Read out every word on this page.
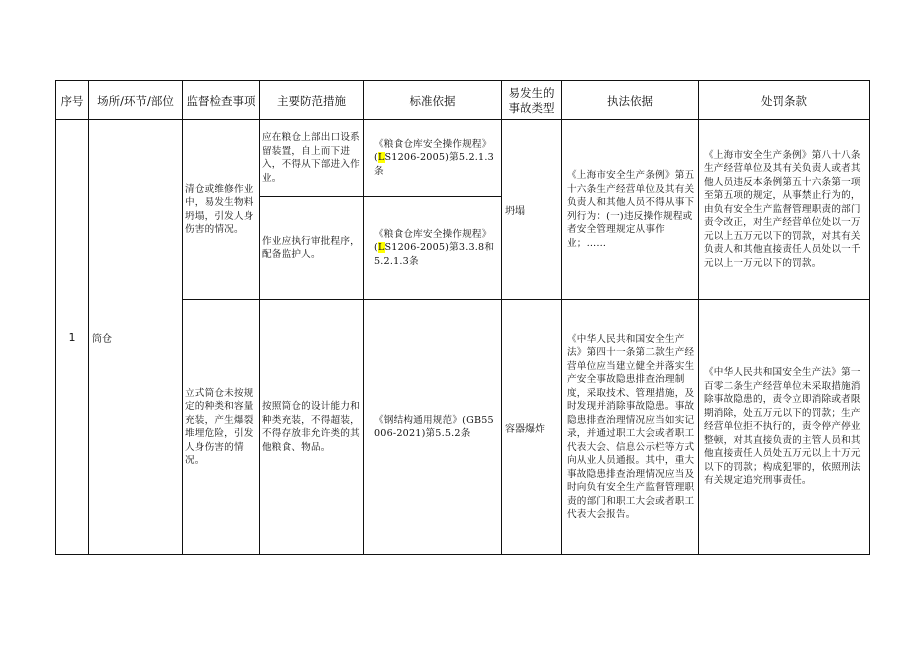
序号	场所/环节/部位	监督检查事项	主要防范措施	标准依据	易发生的事故类型	执法依据	处罚条款
1	筒仓	清仓或维修作业中，易发生物料坍塌，引发人身伤害的情况。	应在粮仓上部出口设系留装置，自上而下进入，不得从下部进入作业。	《粮食仓库安全操作规程》(LS1206-2005)第5.2.1.3条	坍塌	《上海市安全生产条例》第五十六条生产经营单位及其有关负责人和其他人员不得从事下列行为：(一)违反操作规程或者安全管理规定从事作业；……	《上海市安全生产条例》第八十八条生产经营单位及其有关负责人或者其他人员违反本条例第五十六条第一项至第五项的规定，从事禁止行为的，由负有安全生产监督管理职责的部门责令改正，对生产经营单位处以一万元以上五万元以下的罚款，对其有关负责人和其他直接责任人员处以一千元以上一万元以下的罚款。
			作业应执行审批程序，配备监护人。	《粮食仓库安全操作规程》(LS1206-2005)第3.3.8和5.2.1.3条			
		立式筒仓未按规定的种类和容量充装，产生爆裂堆埋危险，引发人身伤害的情况。	按照筒仓的设计能力和种类充装，不得超装，不得存放非允许类的其他粮食、物品。	《钢结构通用规范》(GB55006-2021)第5.5.2条	容器爆炸	《中华人民共和国安全生产法》第四十一条第二款生产经营单位应当建立健全并落实生产安全事故隐患排查治理制度，采取技术、管理措施，及时发现并消除事故隐患。事故隐患排查治理情况应当如实记录，并通过职工大会或者职工代表大会、信息公示栏等方式向从业人员通报。其中，重大事故隐患排查治理情况应当及时向负有安全生产监督管理职责的部门和职工大会或者职工代表大会报告。	《中华人民共和国安全生产法》第一百零二条生产经营单位未采取措施消除事故隐患的，责令立即消除或者限期消除，处五万元以下的罚款；生产经营单位拒不执行的，责令停产停业整顿，对其直接负责的主管人员和其他直接责任人员处五万元以上十万元以下的罚款；构成犯罪的，依照刑法有关规定追究刑事责任。
